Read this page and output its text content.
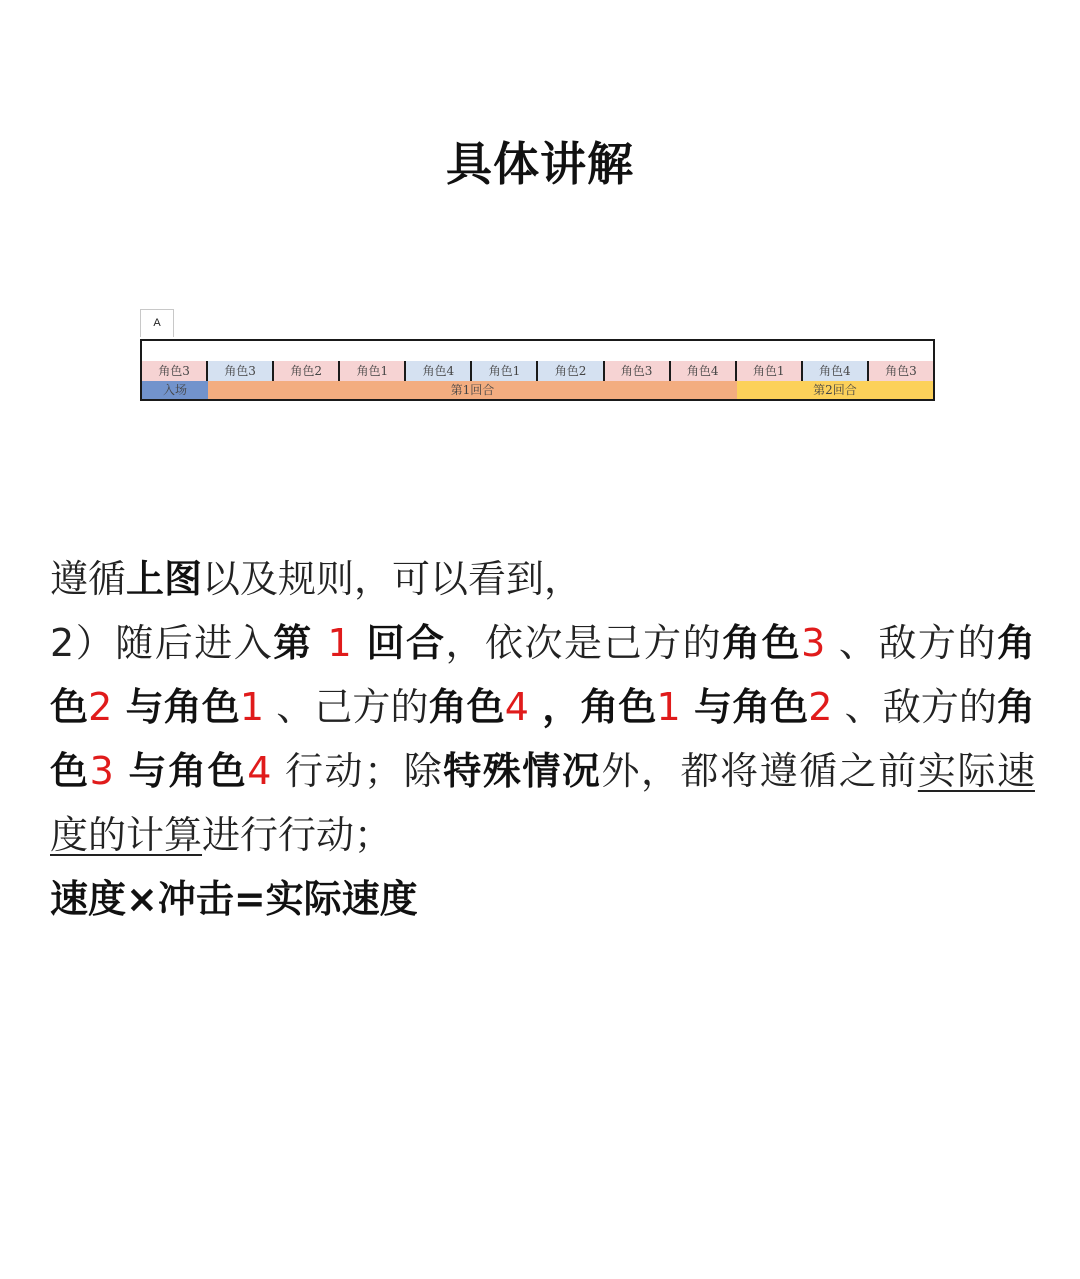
具体讲解
A
角色3	角色3	角色2	角色1	角色4	角色1	角色2	角色3	角色4	角色1	角色4	角色3
入场	第1回合	第2回合

遵循上图以及规则，可以看到，

2）随后进入第 1 回合，依次是己方的角色3 、敌方的角色2 与角色1 、己方的角色4 ，角色1 与角色2 、敌方的角色3 与角色4 行动；除特殊情况外，都将遵循之前实际速度的计算进行行动；

速度×冲击=实际速度
